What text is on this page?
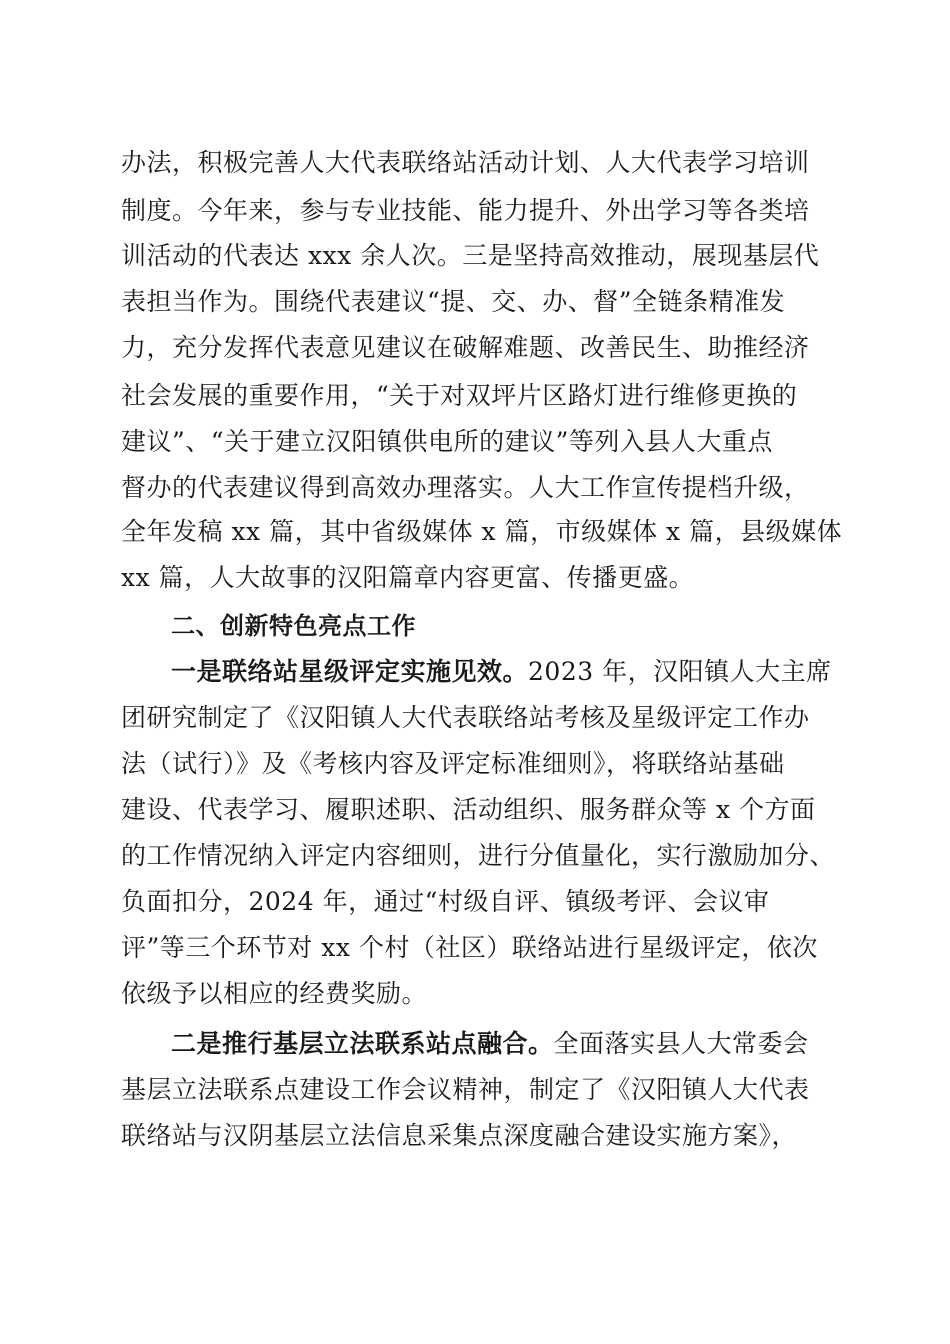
办法，积极完善人大代表联络站活动计划、人大代表学习培训
制度。今年来，参与专业技能、能力提升、外出学习等各类培
训活动的代表达 xxx 余人次。三是坚持高效推动，展现基层代
表担当作为。围绕代表建议“提、交、办、督”全链条精准发
力，充分发挥代表意见建议在破解难题、改善民生、助推经济
社会发展的重要作用，“关于对双坪片区路灯进行维修更换的
建议”、“关于建立汉阳镇供电所的建议”等列入县人大重点
督办的代表建议得到高效办理落实。人大工作宣传提档升级，
全年发稿 xx 篇，其中省级媒体 x 篇，市级媒体 x 篇，县级媒体
xx 篇，人大故事的汉阳篇章内容更富、传播更盛。
二、创新特色亮点工作
一是联络站星级评定实施见效。2023 年，汉阳镇人大主席
团研究制定了《汉阳镇人大代表联络站考核及星级评定工作办
法（试行）》及《考核内容及评定标准细则》，将联络站基础
建设、代表学习、履职述职、活动组织、服务群众等 x 个方面
的工作情况纳入评定内容细则，进行分值量化，实行激励加分、
负面扣分，2024 年，通过“村级自评、镇级考评、会议审
评”等三个环节对 xx 个村（社区）联络站进行星级评定，依次
依级予以相应的经费奖励。
二是推行基层立法联系站点融合。全面落实县人大常委会
基层立法联系点建设工作会议精神，制定了《汉阳镇人大代表
联络站与汉阴基层立法信息采集点深度融合建设实施方案》，
